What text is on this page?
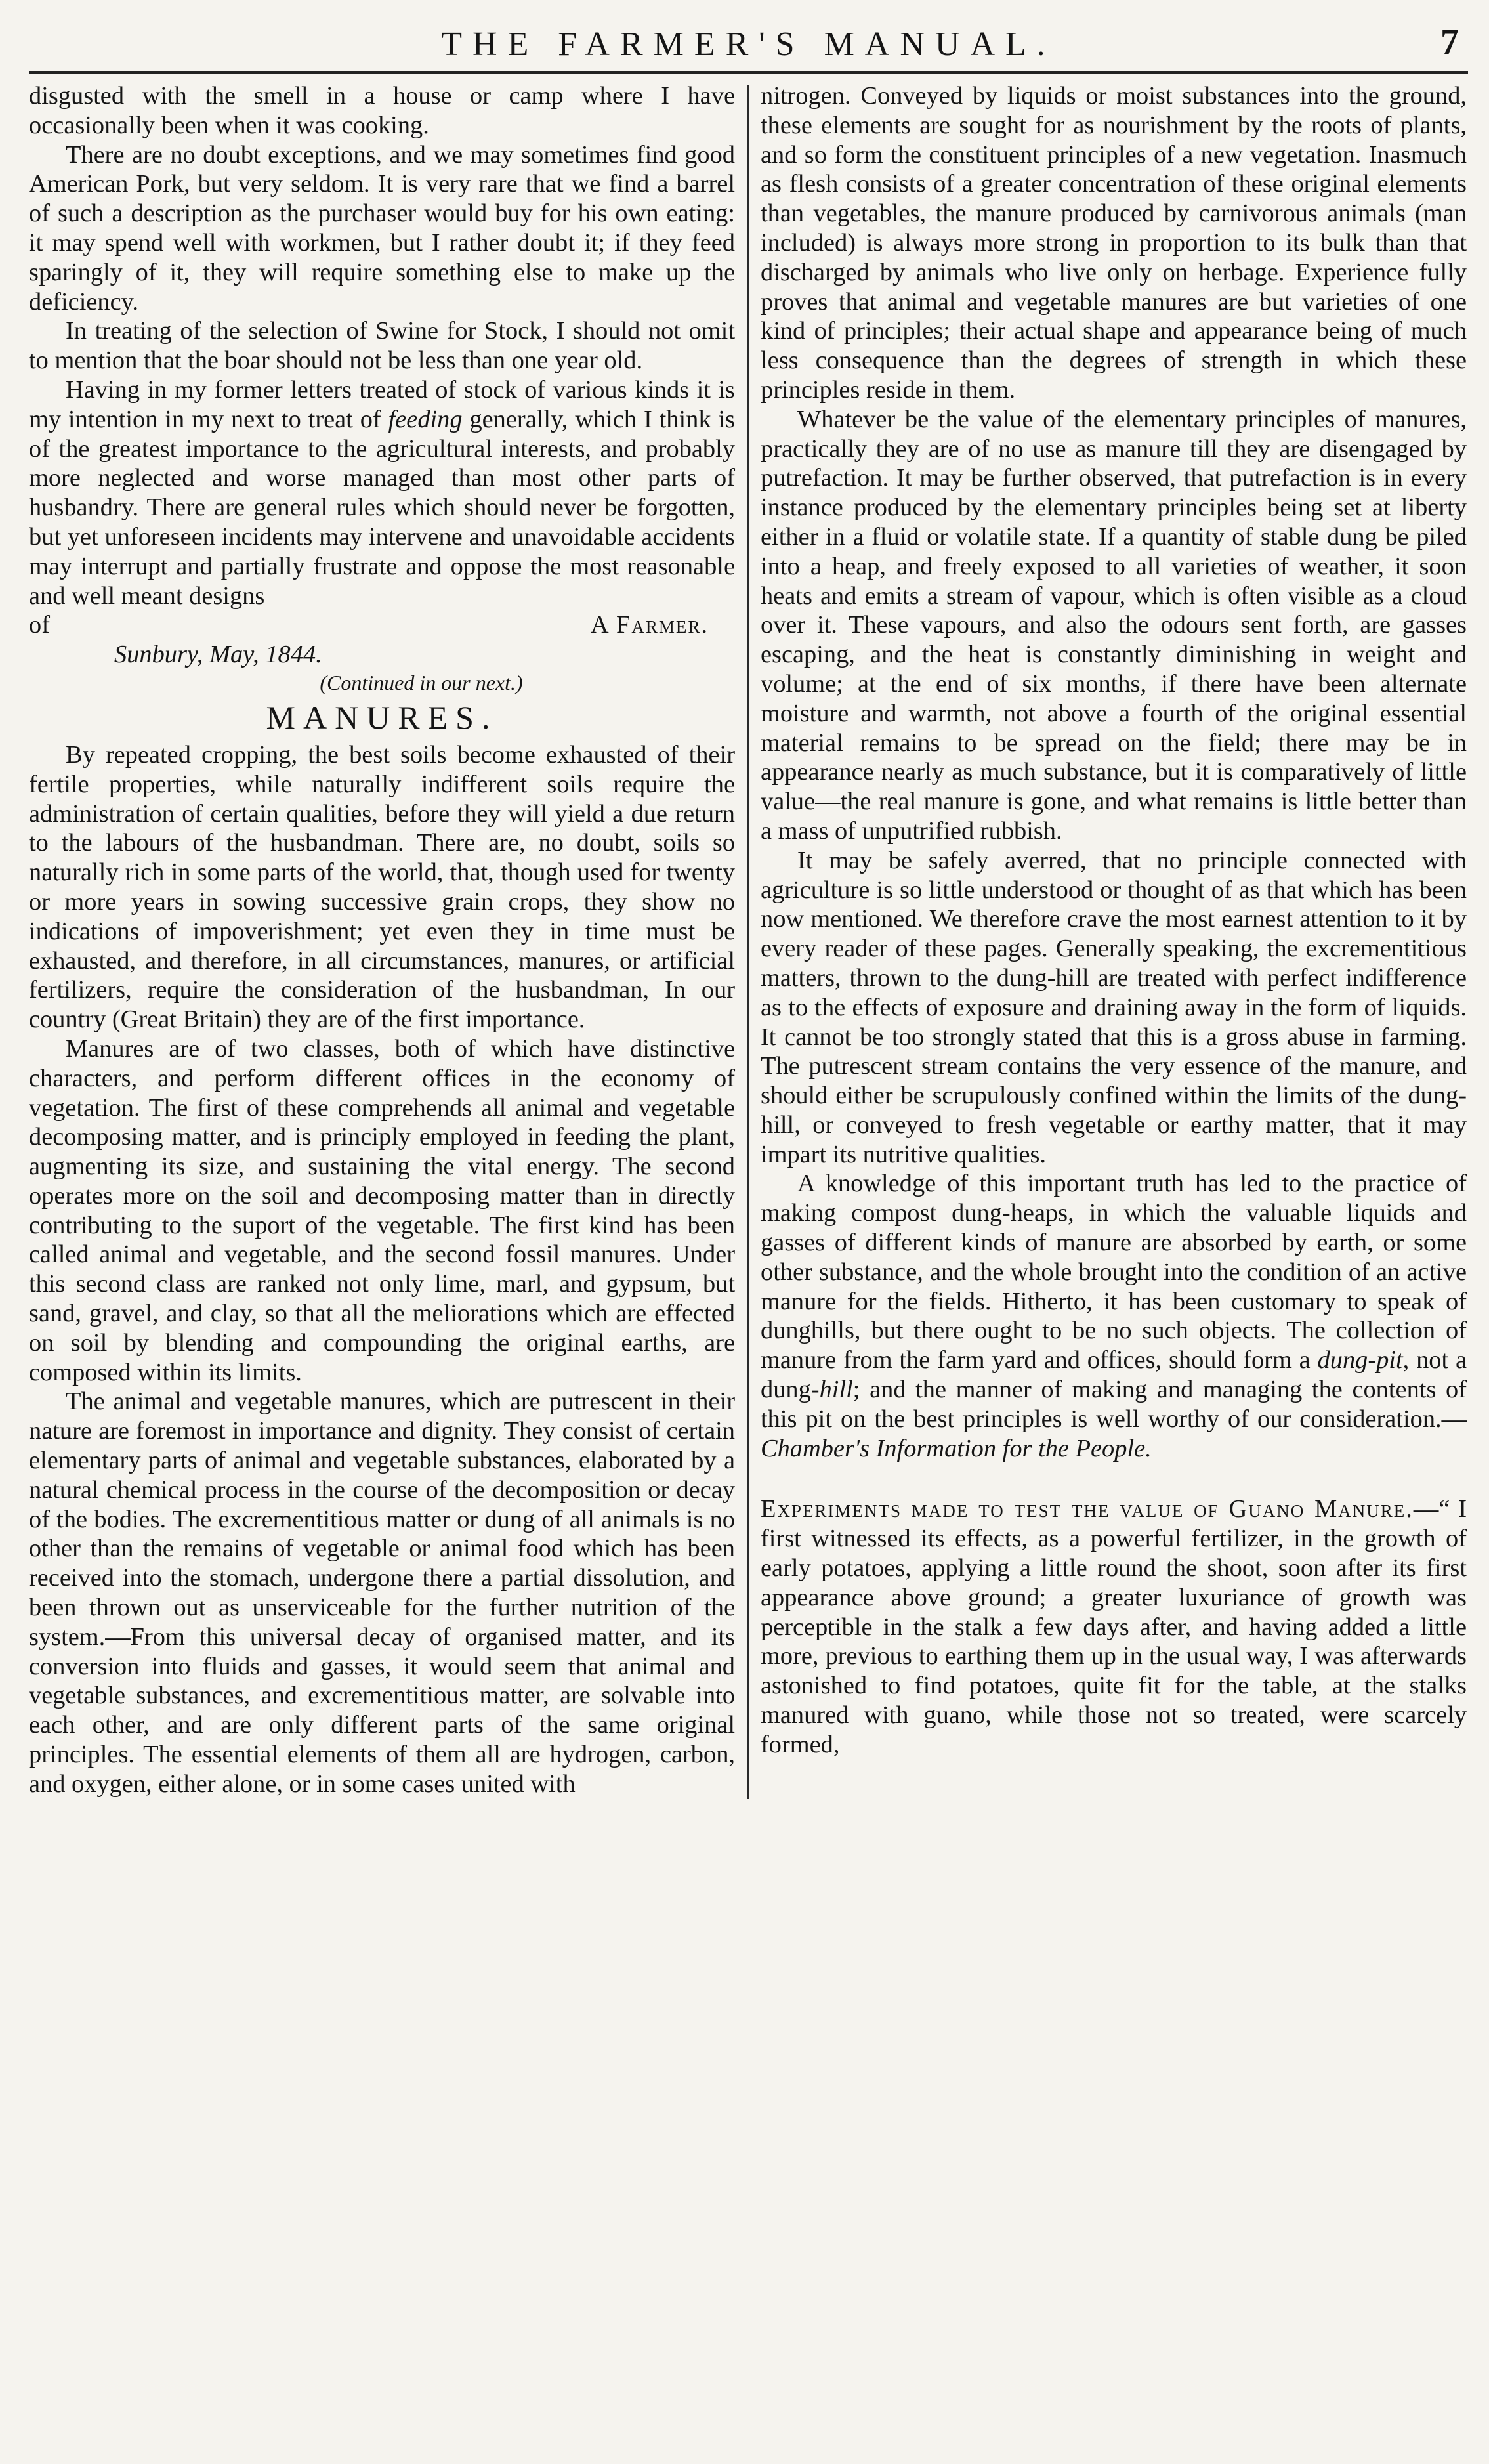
THE FARMER'S MANUAL.	7

disgusted with the smell in a house or camp where I have occasionally been when it was cooking.

There are no doubt exceptions, and we may sometimes find good American Pork, but very seldom. It is very rare that we find a barrel of such a description as the purchaser would buy for his own eating: it may spend well with workmen, but I rather doubt it; if they feed sparingly of it, they will require something else to make up the deficiency.

In treating of the selection of Swine for Stock, I should not omit to mention that the boar should not be less than one year old.

Having in my former letters treated of stock of various kinds it is my intention in my next to treat of feeding generally, which I think is of the greatest importance to the agricultural interests, and probably more neglected and worse managed than most other parts of husbandry. There are general rules which should never be forgotten, but yet unforeseen incidents may intervene and unavoidable accidents may interrupt and partially frustrate and oppose the most reasonable and well meant designs

of	A Farmer.

Sunbury, May, 1844.

(Continued in our next.)

MANURES.

By repeated cropping, the best soils become exhausted of their fertile properties, while naturally indifferent soils require the administration of certain qualities, before they will yield a due return to the labours of the husbandman. There are, no doubt, soils so naturally rich in some parts of the world, that, though used for twenty or more years in sowing successive grain crops, they show no indications of impoverishment; yet even they in time must be exhausted, and therefore, in all circumstances, manures, or artificial fertilizers, require the consideration of the husbandman, In our country (Great Britain) they are of the first importance.

Manures are of two classes, both of which have distinctive characters, and perform different offices in the economy of vegetation. The first of these comprehends all animal and vegetable decomposing matter, and is principly employed in feeding the plant, augmenting its size, and sustaining the vital energy. The second operates more on the soil and decomposing matter than in directly contributing to the suport of the vegetable. The first kind has been called animal and vegetable, and the second fossil manures. Under this second class are ranked not only lime, marl, and gypsum, but sand, gravel, and clay, so that all the meliorations which are effected on soil by blending and compounding the original earths, are composed within its limits.

The animal and vegetable manures, which are putrescent in their nature are foremost in importance and dignity. They consist of certain elementary parts of animal and vegetable substances, elaborated by a natural chemical process in the course of the decomposition or decay of the bodies. The excrementitious matter or dung of all animals is no other than the remains of vegetable or animal food which has been received into the stomach, undergone there a partial dissolution, and been thrown out as unserviceable for the further nutrition of the system.—From this universal decay of organised matter, and its conversion into fluids and gasses, it would seem that animal and vegetable substances, and excrementitious matter, are solvable into each other, and are only different parts of the same original principles. The essential elements of them all are hydrogen, carbon, and oxygen, either alone, or in some cases united with

nitrogen. Conveyed by liquids or moist substances into the ground, these elements are sought for as nourishment by the roots of plants, and so form the constituent principles of a new vegetation. Inasmuch as flesh consists of a greater concentration of these original elements than vegetables, the manure produced by carnivorous animals (man included) is always more strong in proportion to its bulk than that discharged by animals who live only on herbage. Experience fully proves that animal and vegetable manures are but varieties of one kind of principles; their actual shape and appearance being of much less consequence than the degrees of strength in which these principles reside in them.

Whatever be the value of the elementary principles of manures, practically they are of no use as manure till they are disengaged by putrefaction. It may be further observed, that putrefaction is in every instance produced by the elementary principles being set at liberty either in a fluid or volatile state. If a quantity of stable dung be piled into a heap, and freely exposed to all varieties of weather, it soon heats and emits a stream of vapour, which is often visible as a cloud over it. These vapours, and also the odours sent forth, are gasses escaping, and the heat is constantly diminishing in weight and volume; at the end of six months, if there have been alternate moisture and warmth, not above a fourth of the original essential material remains to be spread on the field; there may be in appearance nearly as much substance, but it is comparatively of little value—the real manure is gone, and what remains is little better than a mass of unputrified rubbish.

It may be safely averred, that no principle connected with agriculture is so little understood or thought of as that which has been now mentioned. We therefore crave the most earnest attention to it by every reader of these pages. Generally speaking, the excrementitious matters, thrown to the dung-hill are treated with perfect indifference as to the effects of exposure and draining away in the form of liquids. It cannot be too strongly stated that this is a gross abuse in farming. The putrescent stream contains the very essence of the manure, and should either be scrupulously confined within the limits of the dung-hill, or conveyed to fresh vegetable or earthy matter, that it may impart its nutritive qualities.

A knowledge of this important truth has led to the practice of making compost dung-heaps, in which the valuable liquids and gasses of different kinds of manure are absorbed by earth, or some other substance, and the whole brought into the condition of an active manure for the fields. Hitherto, it has been customary to speak of dunghills, but there ought to be no such objects. The collection of manure from the farm yard and offices, should form a dung-pit, not a dung-hill; and the manner of making and managing the contents of this pit on the best principles is well worthy of our consideration.—Chamber's Information for the People.

Experiments made to test the value of Guano Manure.—“ I first witnessed its effects, as a powerful fertilizer, in the growth of early potatoes, applying a little round the shoot, soon after its first appearance above ground; a greater luxuriance of growth was perceptible in the stalk a few days after, and having added a little more, previous to earthing them up in the usual way, I was afterwards astonished to find potatoes, quite fit for the table, at the stalks manured with guano, while those not so treated, were scarcely formed,
